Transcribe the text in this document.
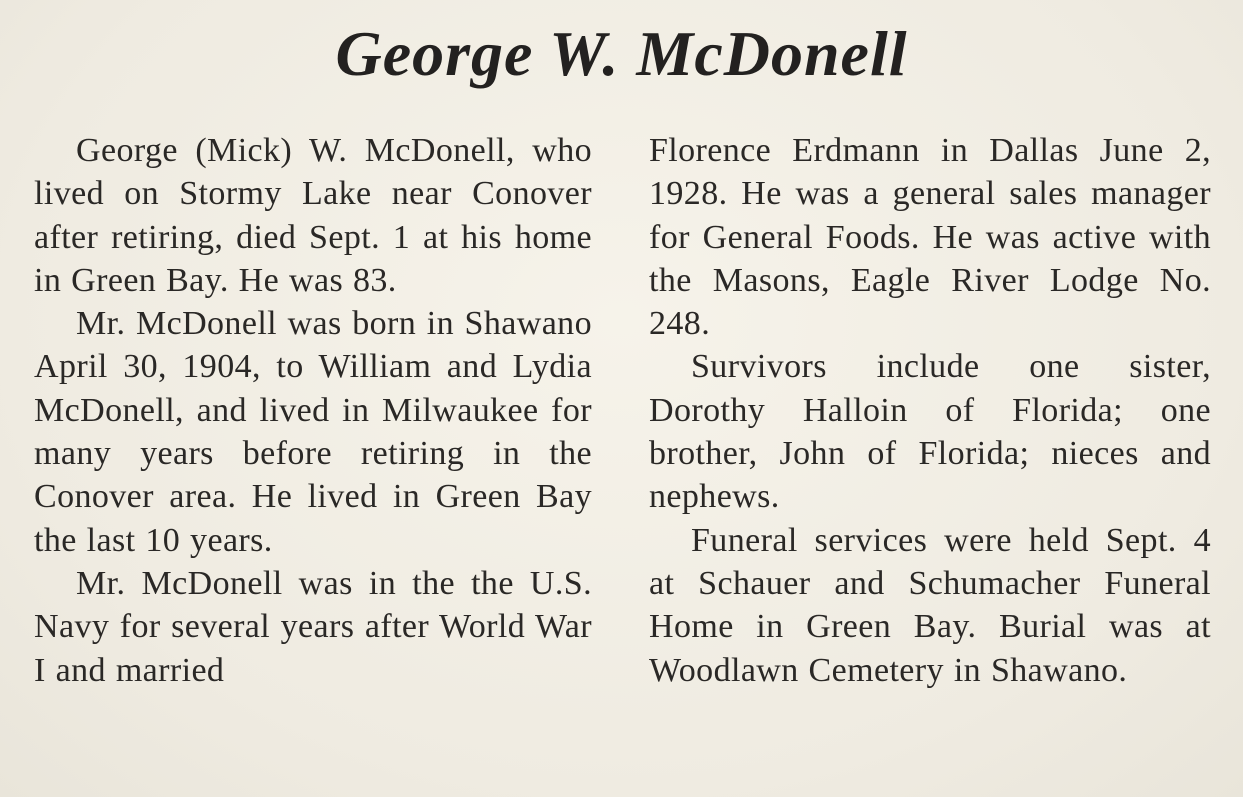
George W. McDonell

George (Mick) W. McDonell, who lived on Stormy Lake near Conover after retiring, died Sept. 1 at his home in Green Bay. He was 83.

Mr. McDonell was born in Shawano April 30, 1904, to William and Lydia McDonell, and lived in Milwaukee for many years before retiring in the Conover area. He lived in Green Bay the last 10 years.

Mr. McDonell was in the the U.S. Navy for several years after World War I and married

Florence Erdmann in Dallas June 2, 1928. He was a general sales manager for General Foods. He was active with the Masons, Eagle River Lodge No. 248.

Survivors include one sister, Dorothy Halloin of Florida; one brother, John of Florida; nieces and nephews.

Funeral services were held Sept. 4 at Schauer and Schumacher Funeral Home in Green Bay. Burial was at Woodlawn Cemetery in Shawano.
